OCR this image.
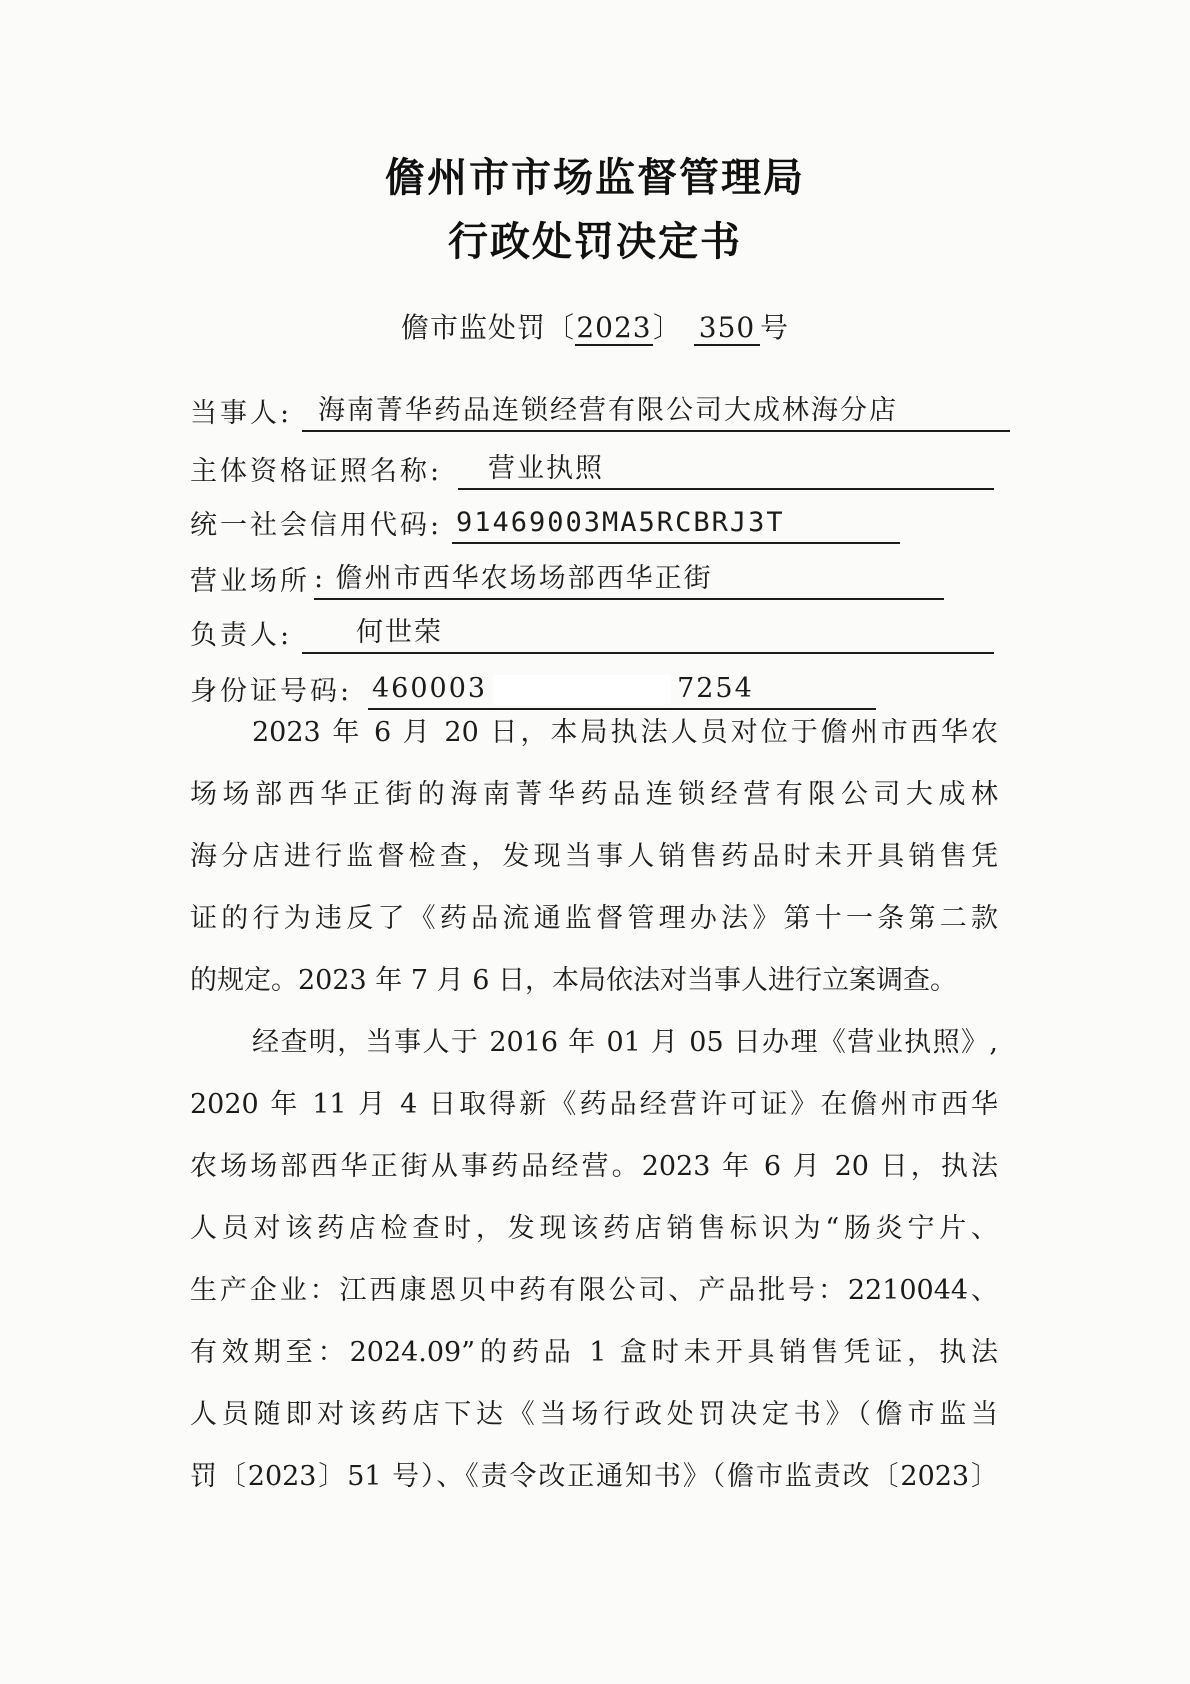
儋州市市场监督管理局
行政处罚决定书
儋市监处罚〔2023〕 350 号
当事人: 海南菁华药品连锁经营有限公司大成林海分店
主体资格证照名称:	营业执照
统一社会信用代码: 91469003MA5RCBRJ3T
营业场所 : 儋州市西华农场场部西华正街
负责人:	何世荣
身份证号码: 460003	7254
2023 年 6 月 20 日，本局执法人员对位于儋州市西华农
场场部西华正街的海南菁华药品连锁经营有限公司大成林
海分店进行监督检查，发现当事人销售药品时未开具销售凭
证的行为违反了《药品流通监督管理办法》第十一条第二款
的规定。2023 年 7 月 6 日，本局依法对当事人进行立案调查。
经查明，当事人于 2016 年 01 月 05 日办理《营业执照》,
2020 年 11 月 4 日取得新《药品经营许可证》在儋州市西华
农场场部西华正街从事药品经营。2023 年 6 月 20 日，执法
人员对该药店检查时，发现该药店销售标识为“肠炎宁片、
生产企业：江西康恩贝中药有限公司、产品批号：2210044、
有效期至：2024.09”的药品 1 盒时未开具销售凭证，执法
人员随即对该药店下达《当场行政处罚决定书》（儋市监当
罚〔2023〕51 号）、《责令改正通知书》（儋市监责改〔2023〕
